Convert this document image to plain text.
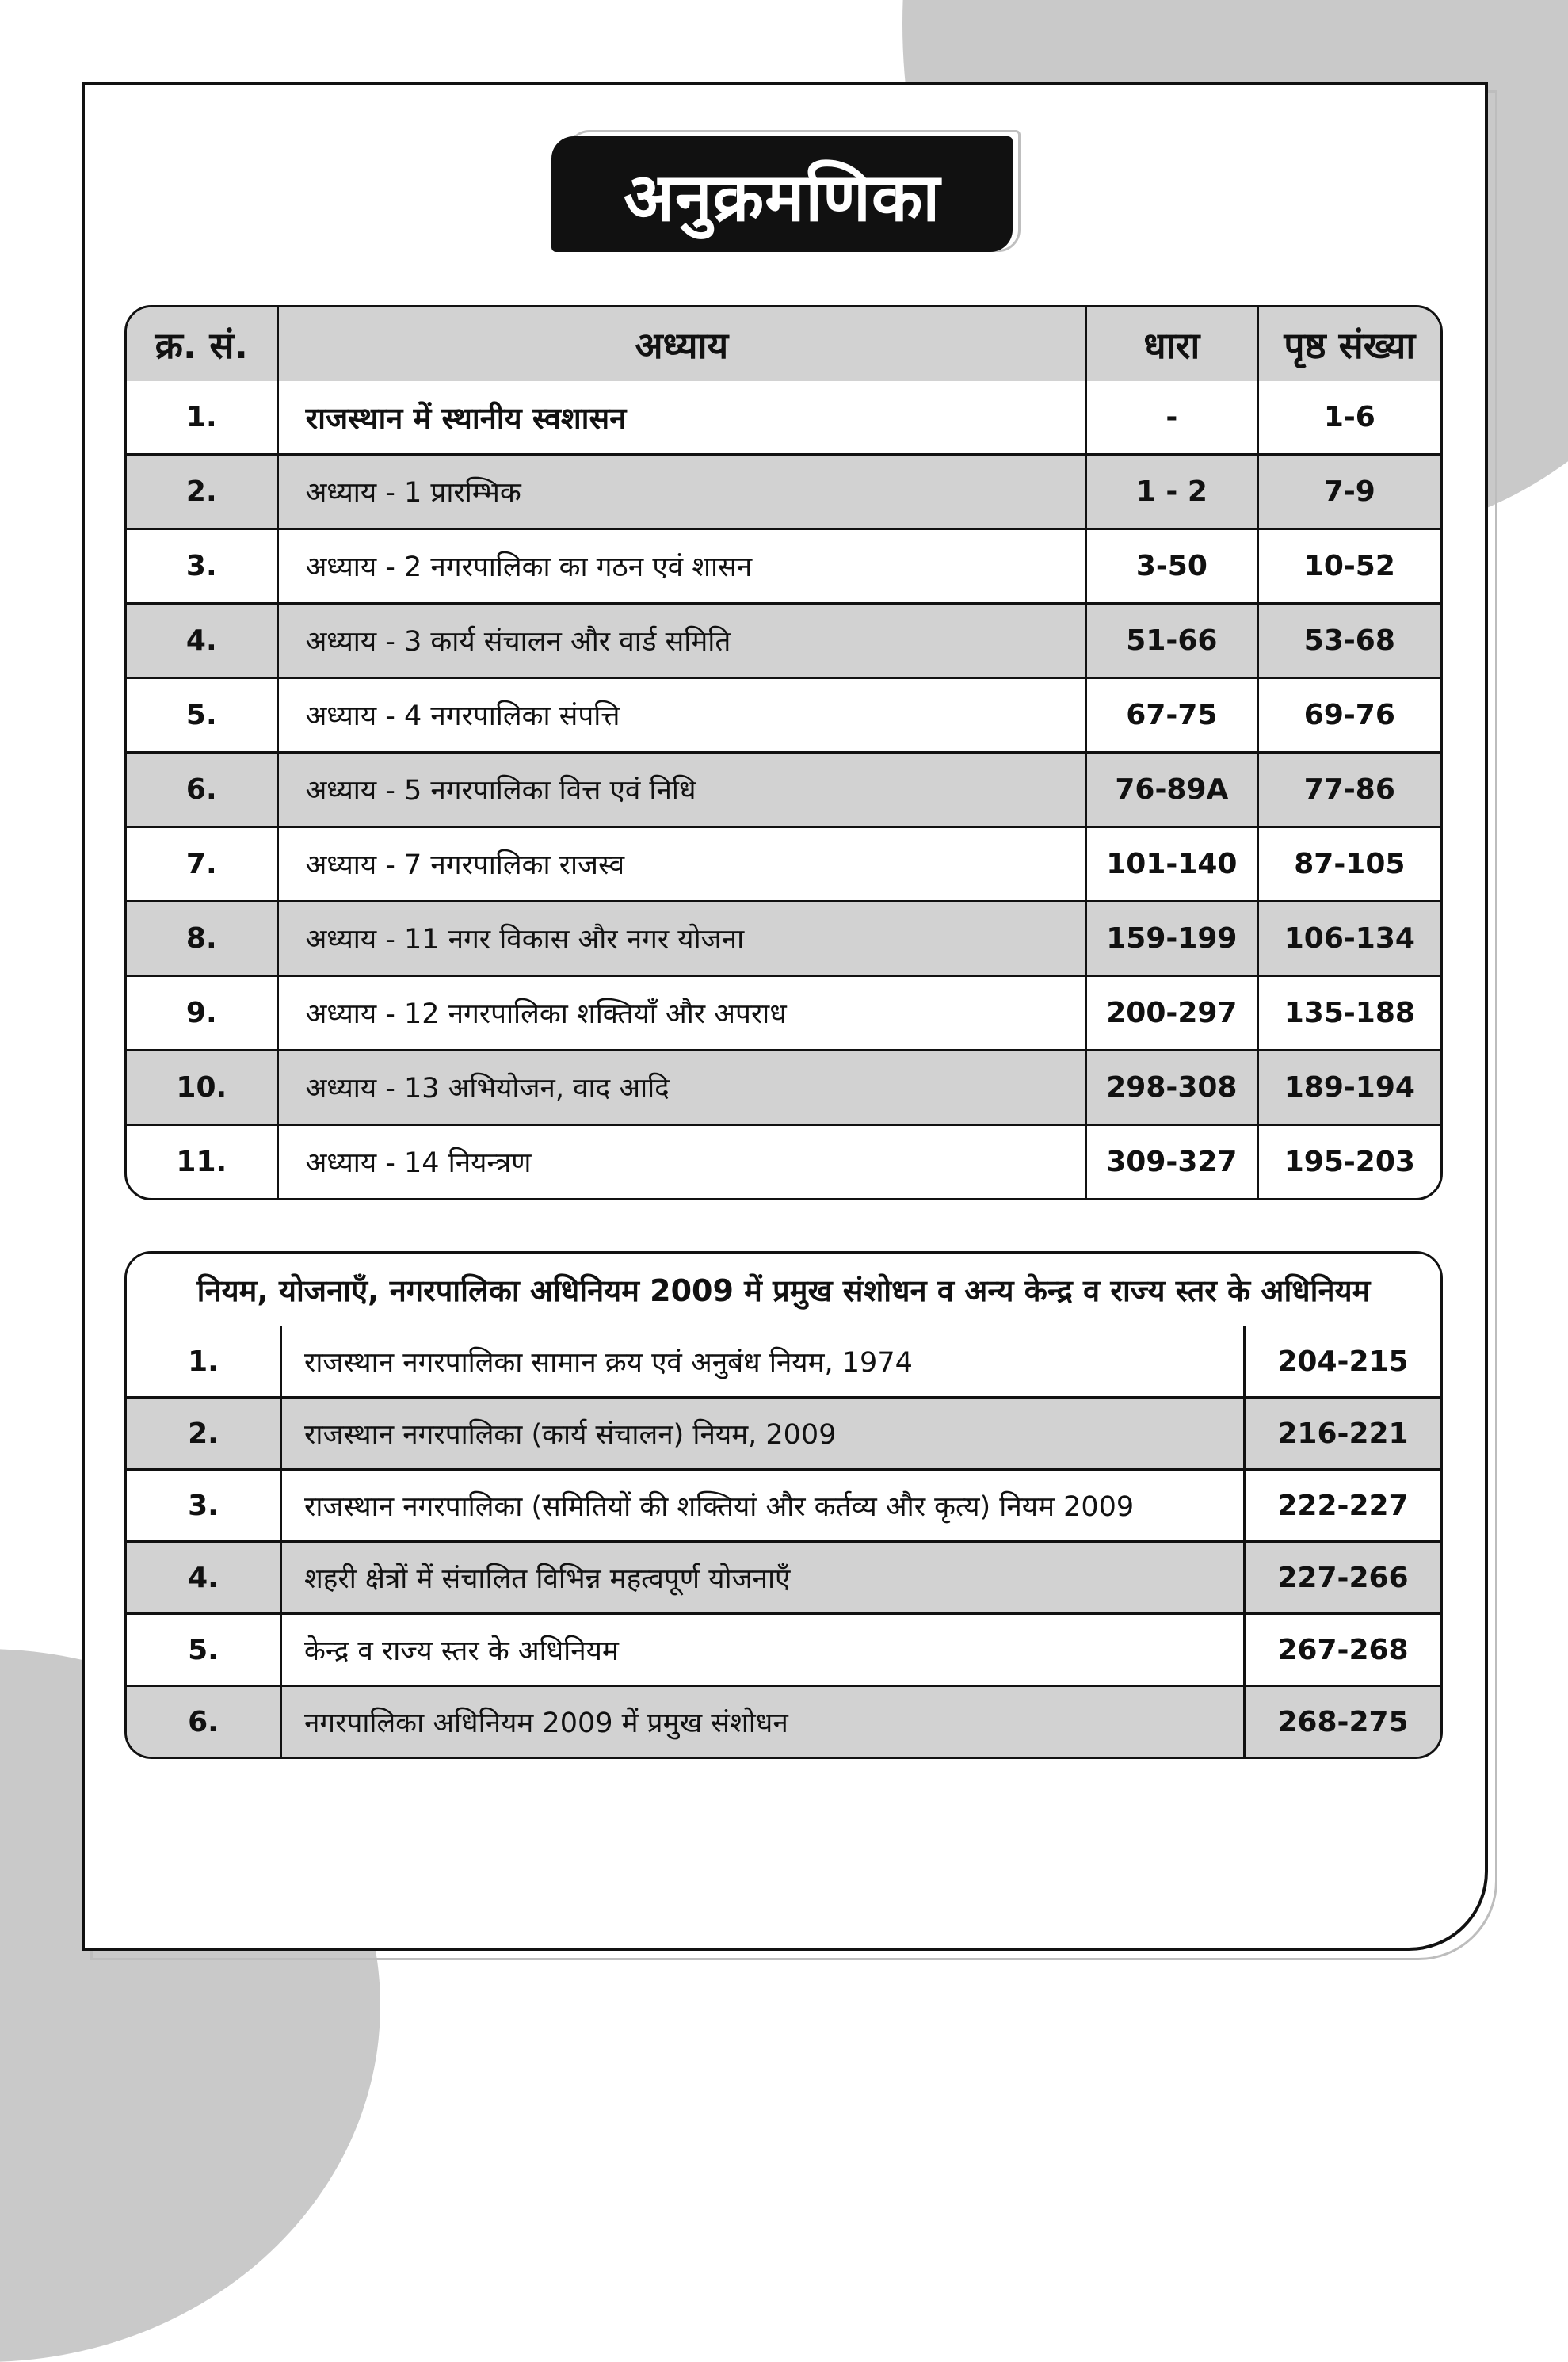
अनुक्रमणिका
क्र. सं.	अध्याय	धारा	पृष्ठ संख्या
1.	राजस्थान में स्थानीय स्वशासन	-	1-6
2.	अध्याय - 1 प्रारम्भिक	1 - 2	7-9
3.	अध्याय - 2 नगरपालिका का गठन एवं शासन	3-50	10-52
4.	अध्याय - 3 कार्य संचालन और वार्ड समिति	51-66	53-68
5.	अध्याय - 4 नगरपालिका संपत्ति	67-75	69-76
6.	अध्याय - 5 नगरपालिका वित्त एवं निधि	76-89A	77-86
7.	अध्याय - 7 नगरपालिका राजस्व	101-140	87-105
8.	अध्याय - 11 नगर विकास और नगर योजना	159-199	106-134
9.	अध्याय - 12 नगरपालिका शक्तियाँ और अपराध	200-297	135-188
10.	अध्याय - 13 अभियोजन, वाद आदि	298-308	189-194
11.	अध्याय - 14 नियन्त्रण	309-327	195-203
नियम, योजनाएँ, नगरपालिका अधिनियम 2009 में प्रमुख संशोधन व अन्य केन्द्र व राज्य स्तर के अधिनियम		
1.	राजस्थान नगरपालिका सामान क्रय एवं अनुबंध नियम, 1974	204-215
2.	राजस्थान नगरपालिका (कार्य संचालन) नियम, 2009	216-221
3.	राजस्थान नगरपालिका (समितियों की शक्तियां और कर्तव्य और कृत्य) नियम 2009	222-227
4.	शहरी क्षेत्रों में संचालित विभिन्न महत्वपूर्ण योजनाएँ	227-266
5.	केन्द्र व राज्य स्तर के अधिनियम	267-268
6.	नगरपालिका अधिनियम 2009 में प्रमुख संशोधन	268-275
